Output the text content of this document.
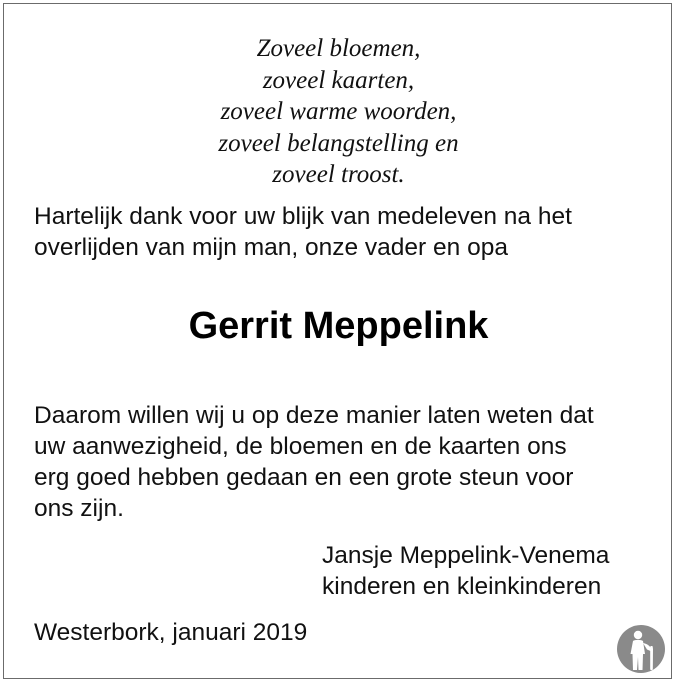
Zoveel bloemen,
zoveel kaarten,
zoveel warme woorden,
zoveel belangstelling en
zoveel troost.
Hartelijk dank voor uw blijk van medeleven na het
overlijden van mijn man, onze vader en opa
Gerrit Meppelink
Daarom willen wij u op deze manier laten weten dat
uw aanwezigheid, de bloemen en de kaarten ons
erg goed hebben gedaan en een grote steun voor
ons zijn.
Jansje Meppelink-Venema
kinderen en kleinkinderen
Westerbork, januari 2019
